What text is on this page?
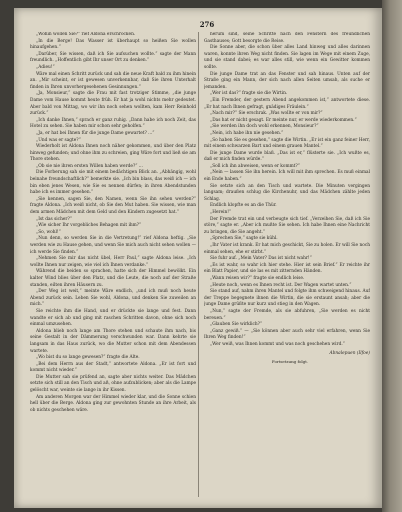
276

„Wohin wollen Sie?“ rief Aldona erschrocken.

„In die Berge! Das Wasser ist überhaupt so heißen Sie wollen hinaufgehen.“

„Darüber, Sie wissen, daß ich Sie aufsuchen wollte.“ sagte der Mann freundlich. „Hoffentlich gibt Ihr unser Ort zu denken.“

„Adieu!“

Wäre mal einen Schritt zurück und sah die neue Kraft bald zu ihm hinein an. „Mir scheint, er ist gewesen unverkennbar, daß Sie ihren Unterhalt finden in Ihren unvorhergesehenen Gesinnungen.“

„Ja, Monsieur,“ sagte die Frau mit fast trotziger Stimme, „die junge Dame vom Hause kommt heute früh. Er hat ja wohl nichts mehr gedeutet. Aber bald von Mittag, wo wir ihn noch sehen wollten, kam Herr Reinhold zurück.“

„Ich danke Ihnen,“ sprach er ganz ruhig. „Dann habe ich noch Zeit, das Hotel zu sehen. Sie haben mir schon sehr geholfen.“

„Ja, er hat bei Ihnen für die junge Dame gewartet? ...“

„Und was er sagte?“

Wiederholt ist Aldona Ihnen noch näher gekommen, und über den Platz hinweg gefunden; und ohne ihm zu schreien, ging Wäre fort und ließ sie am Thore stehen.

„Ob sie nie ihren ersten Willen haben werde?“ ...

Die Forberung sah sie mit einem bedächtigen Blick an. „Abhängig, wohl beinahe freundschaftlich?“ bemerkte sie. „Ich bin blass, das weiß ich — ich bin eben jenes Wesen, wie Sie es nennen dürfen; in ihren Abendstunden habe ich es immer gesehen.“

„Sie kennen, sagen Sie, den Namen, wenn Sie ihn sehen werden?“ fragte Aldona. „Ich weiß nicht, ob Sie den Mut haben. Sie wissen, wie man dem armen Mädchen mit dem Geld und den Kindern zugesetzt hat.“

„Ist das sicher?“

„Wie sicher Ihr vorgebliches Behagen mit ihm?“

„So, wohl!“

„Nun denn, so werden Sie in die Vertretung!“ rief Aldona heftig. „Sie werden wie zu Hause gehen, und wenn Sie mich auch nicht sehen wollen — ich werde Sie finden.“

„Nehmen Sie mir das nicht übel, Herr Paul,“ sagte Aldona leise. „Ich wollte Ihnen nur zeigen, wie viel ich Ihnen verdanke.“

Während die beiden so sprachen, hatte sich der Himmel bewölkt. Ein kalter Wind blies über den Platz, und die Leute, die noch auf der Straße standen, eilten ihren Häusern zu.

„Der Weg ist weit,“ meinte Wäre endlich, „und ich muß noch heute Abend zurück sein. Leben Sie wohl, Aldona, und denken Sie zuweilen an mich.“

Sie reichte ihm die Hand, und er drückte sie lange und fest. Dann wandte er sich ab und ging mit raschen Schritten davon, ohne sich noch einmal umzusehen.

Aldona blieb noch lange am Thore stehen und schaute ihm nach, bis seine Gestalt in der Dämmerung verschwunden war. Dann kehrte sie langsam in das Haus zurück, wo die Mutter schon mit dem Abendessen wartete.

„Wo bist du so lange gewesen?“ fragte die Alte.

„Bei dem Herrn aus der Stadt,“ antwortete Aldona. „Er ist fort und kommt nicht wieder.“

Die Mutter sah sie prüfend an, sagte aber nichts weiter. Das Mädchen setzte sich still an den Tisch und aß, ohne aufzublicken; aber als die Lampe gelöscht war, weinte sie lange in ihr Kissen.

Am anderen Morgen war der Himmel wieder klar, und die Sonne schien hell über die Berge. Aldona ging zur gewohnten Stunde an ihre Arbeit, als ob nichts geschehen wäre.

herum sind, seine Schritte nach den Fenstern des freundlichen Gasthauses; Gott besorgte die Reise.

Die Sonne aber, die schon über alles Land hinweg und alles darinnen waren, konnte ihren Weg nicht finden. Sie lagen im Wege mit einem Zuge, und sie stand dabei; es war alles still, wie wenn ein Gewitter kommen sollte.

Die junge Dame trat an das Fenster und sah hinaus. Unten auf der Straße ging ein Mann, der sich nach allen Seiten umsah, als suche er jemanden.

„Wer ist das?“ fragte sie die Wirtin.

„Ein Fremder, der gestern Abend angekommen ist,“ antwortete diese. „Er hat nach Ihnen gefragt, gnädiges Fräulein.“

„Nach mir?“ Sie erschrak. „Was wollte er von mir?“

„Das hat er nicht gesagt. Er meinte nur, er werde wiederkommen.“

„Sie werden ihn doch wohl erkennen, Monsieur?“

„Nein, ich habe ihn nie gesehen.“

„So haben Sie es gesehen,“ sagte die Wirtin. „Er ist ein ganz feiner Herr, mit einem schwarzen Bart und einem grauen Mantel.“

Die junge Dame wurde blaß. „Das ist er,“ flüsterte sie. „Ich wußte es, daß er mich finden würde.“

„Soll ich ihn abweisen, wenn er kommt?“

„Nein — lassen Sie ihn herein. Ich will mit ihm sprechen. Es muß einmal ein Ende haben.“

Sie setzte sich an den Tisch und wartete. Die Minuten vergingen langsam; draußen schlug die Kirchenuhr, und das Mädchen zählte jeden Schlag.

Endlich klopfte es an die Thür.

„Herein!“

Der Fremde trat ein und verbeugte sich tief. „Verzeihen Sie, daß ich Sie störe,“ sagte er. „Aber ich mußte Sie sehen. Ich habe Ihnen eine Nachricht zu bringen, die Sie angeht.“

„Sprechen Sie,“ sagte sie kühl.

„Ihr Vater ist krank. Er hat mich geschickt, Sie zu holen. Er will Sie noch einmal sehen, ehe er stirbt.“

Sie fuhr auf. „Mein Vater? Das ist nicht wahr!“

„Es ist wahr, so wahr ich hier stehe. Hier ist sein Brief.“ Er reichte ihr ein Blatt Papier, und sie las es mit zitternden Händen.

„Wann reisen wir?“ fragte sie endlich leise.

„Heute noch, wenn es Ihnen recht ist. Der Wagen wartet unten.“

Sie stand auf, nahm ihren Mantel und folgte ihm schweigend hinaus. Auf der Treppe begegnete ihnen die Wirtin, die sie erstaunt ansah; aber die junge Dame grüßte nur kurz und stieg in den Wagen.

„Nun,“ sagte der Fremde, als sie abfuhren, „Sie werden es nicht bereuen.“

„Glauben Sie wirklich?“

„Ganz gewiß.“ — „Sie können aber auch sehr viel erfahren, wenn Sie Ihren Weg finden!“

„Wer weiß, was Ihnen kommt und was noch geschehen wird.“

Abnalepuen (Ilfoe)

Fortsetzung folgt.
